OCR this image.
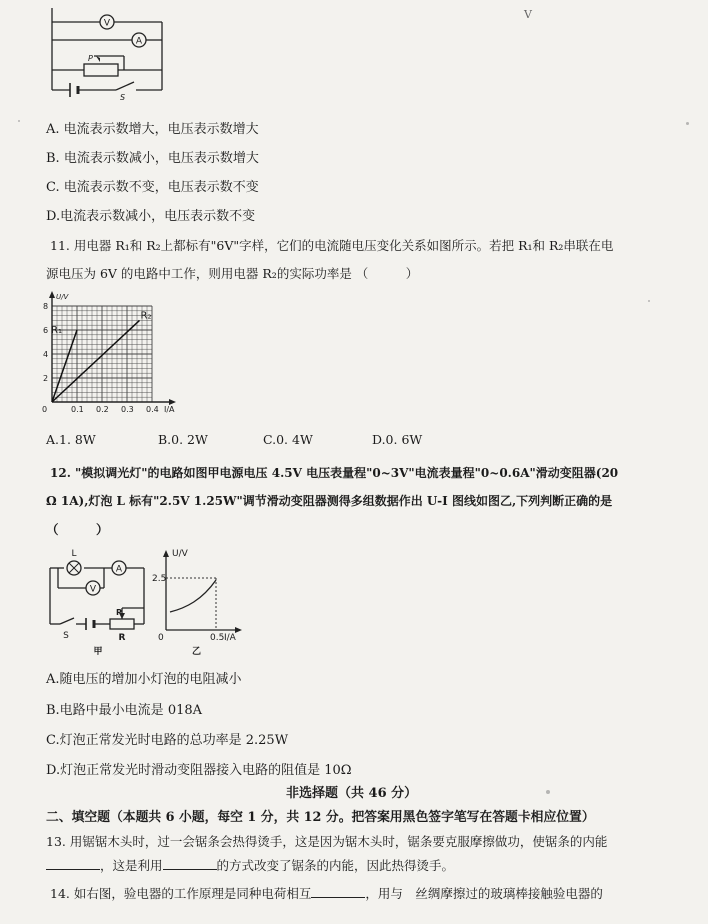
V
V
A
P
S
A. 电流表示数增大，电压表示数增大
B. 电流表示数减小，电压表示数增大
C. 电流表示数不变，电压表示数不变
D.电流表示数减小，电压表示数不变
11. 用电器 R₁和 R₂上都标有"6V"字样，它们的电流随电压变化关系如图所示。若把 R₁和 R₂串联在电
源电压为 6V 的电路中工作，则用电器 R₂的实际功率是 （　　　）
U/V
I/A
2
4
6
8
0	0.1 0.2 0.3 0.4
R₁
R₂
A.1. 8W	B.0. 2W	C.0. 4W	D.0. 6W
12. "模拟调光灯"的电路如图甲电源电压 4.5V 电压表量程"0~3V"电流表量程"0~0.6A"滑动变阻器(20
Ω 1A),灯泡 L 标有"2.5V 1.25W"调节滑动变阻器测得多组数据作出 U-I 图线如图乙,下列判断正确的是
（　　　）
L
A
V
S
P
R
甲
U/V
2.5
0	0.5 I/A
乙
A.随电压的增加小灯泡的电阻减小
B.电路中最小电流是 018A
C.灯泡正常发光时电路的总功率是 2.25W
D.灯泡正常发光时滑动变阻器接入电路的阻值是 10Ω
非选择题（共 46 分）
二、填空题（本题共 6 小题，每空 1 分，共 12 分。把答案用黑色签字笔写在答题卡相应位置）
13. 用锯锯木头时，过一会锯条会热得烫手，这是因为锯木头时，锯条要克服摩擦做功，使锯条的内能
，这是利用	的方式改变了锯条的内能，因此热得烫手。
14. 如右图，验电器的工作原理是同种电荷相互	，用与　丝绸摩擦过的玻璃棒接触验电器的
